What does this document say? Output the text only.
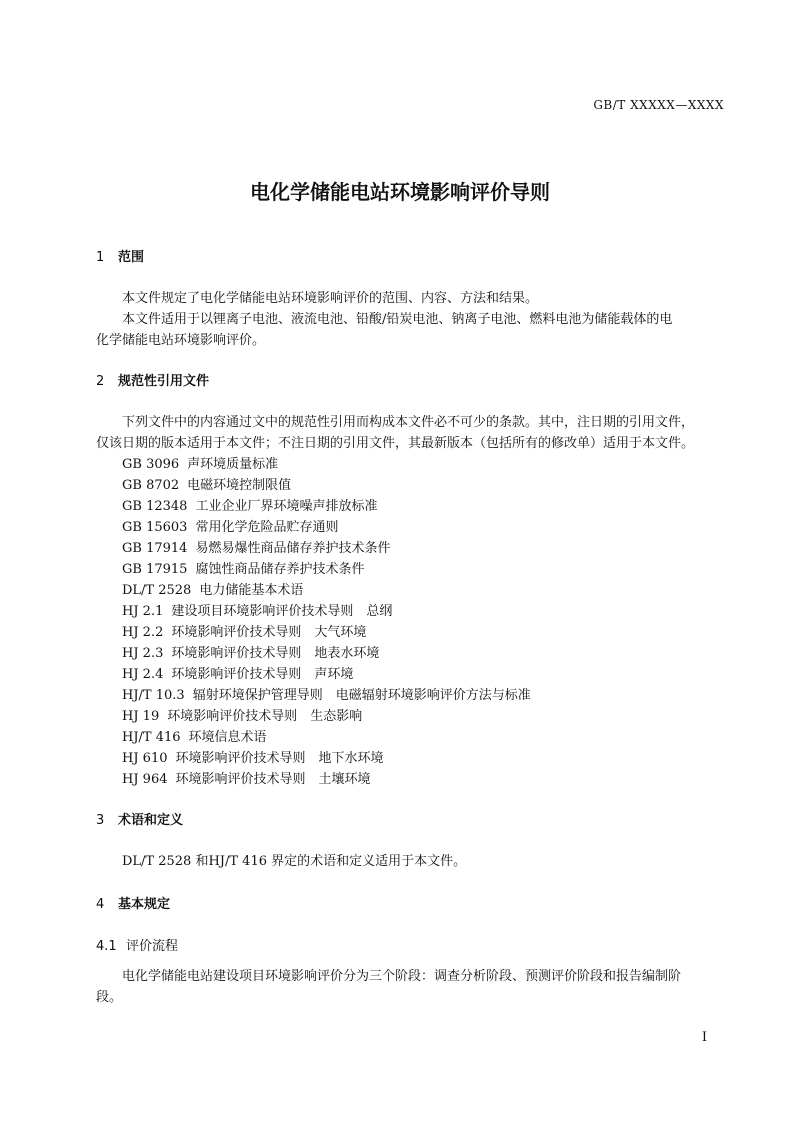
GB/T XXXXX—XXXX
电化学储能电站环境影响评价导则
1 范围
本文件规定了电化学储能电站环境影响评价的范围、内容、方法和结果。
本文件适用于以锂离子电池、液流电池、铅酸/铅炭电池、钠离子电池、燃料电池为储能载体的电
化学储能电站环境影响评价。
2 规范性引用文件
下列文件中的内容通过文中的规范性引用而构成本文件必不可少的条款。其中，注日期的引用文件，
仅该日期的版本适用于本文件；不注日期的引用文件，其最新版本（包括所有的修改单）适用于本文件。
GB 3096 声环境质量标准
GB 8702 电磁环境控制限值
GB 12348 工业企业厂界环境噪声排放标准
GB 15603 常用化学危险品贮存通则
GB 17914 易燃易爆性商品储存养护技术条件
GB 17915 腐蚀性商品储存养护技术条件
DL/T 2528 电力储能基本术语
HJ 2.1 建设项目环境影响评价技术导则　总纲
HJ 2.2 环境影响评价技术导则　大气环境
HJ 2.3 环境影响评价技术导则　地表水环境
HJ 2.4 环境影响评价技术导则　声环境
HJ/T 10.3 辐射环境保护管理导则　电磁辐射环境影响评价方法与标准
HJ 19 环境影响评价技术导则　生态影响
HJ/T 416 环境信息术语
HJ 610 环境影响评价技术导则　地下水环境
HJ 964 环境影响评价技术导则　土壤环境
3 术语和定义
DL/T 2528 和HJ/T 416 界定的术语和定义适用于本文件。
4 基本规定
4.1 评价流程
电化学储能电站建设项目环境影响评价分为三个阶段：调查分析阶段、预测评价阶段和报告编制阶
段。
I
